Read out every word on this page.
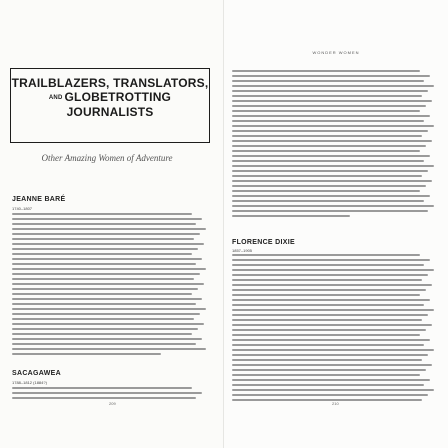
TRAILBLAZERS, TRANSLATORS,
AND GLOBETROTTING
JOURNALISTS
Other Amazing Women of Adventure
JEANNE BARÉ
1740–1807
SACAGAWEA
1788–1812 (1884?)
209
WONDER WOMEN
FLORENCE DIXIE
1857–1905
210
